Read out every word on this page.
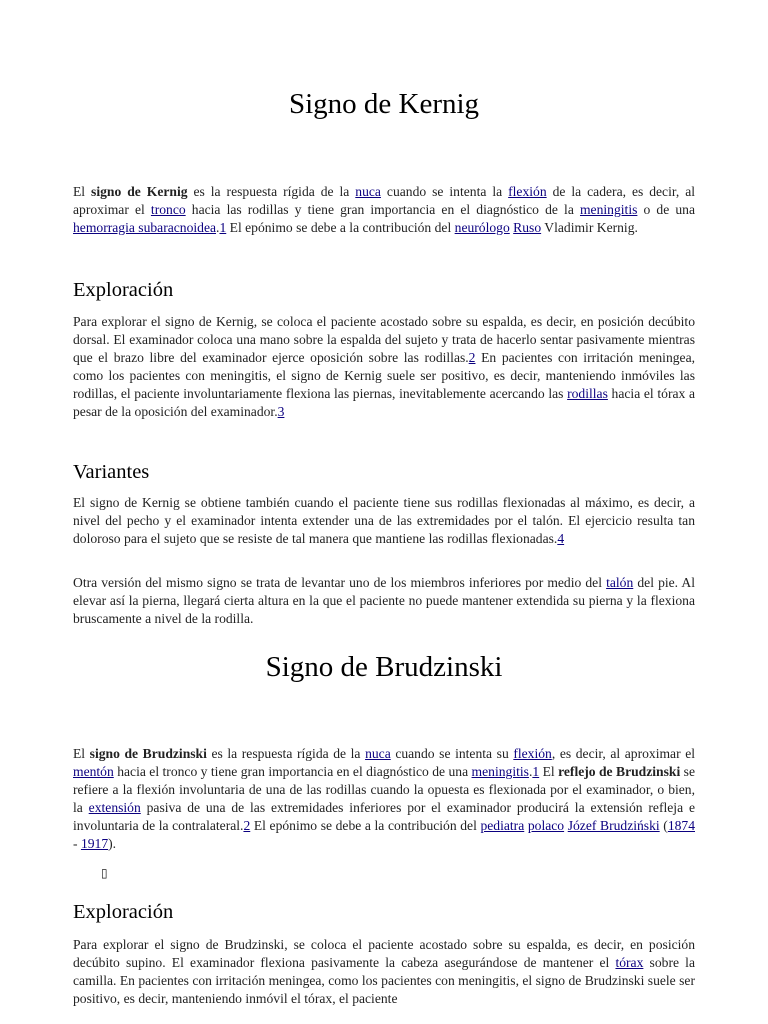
Signo de Kernig

El signo de Kernig es la respuesta rígida de la nuca cuando se intenta la flexión de la cadera, es decir, al aproximar el tronco hacia las rodillas y tiene gran importancia en el diagnóstico de la meningitis o de una hemorragia subaracnoidea.1 El epónimo se debe a la contribución del neurólogo Ruso Vladimir Kernig.

Exploración

Para explorar el signo de Kernig, se coloca el paciente acostado sobre su espalda, es decir, en posición decúbito dorsal. El examinador coloca una mano sobre la espalda del sujeto y trata de hacerlo sentar pasivamente mientras que el brazo libre del examinador ejerce oposición sobre las rodillas.2 En pacientes con irritación meningea, como los pacientes con meningitis, el signo de Kernig suele ser positivo, es decir, manteniendo inmóviles las rodillas, el paciente involuntariamente flexiona las piernas, inevitablemente acercando las rodillas hacia el tórax a pesar de la oposición del examinador.3

Variantes

El signo de Kernig se obtiene también cuando el paciente tiene sus rodillas flexionadas al máximo, es decir, a nivel del pecho y el examinador intenta extender una de las extremidades por el talón. El ejercicio resulta tan doloroso para el sujeto que se resiste de tal manera que mantiene las rodillas flexionadas.4

Otra versión del mismo signo se trata de levantar uno de los miembros inferiores por medio del talón del pie. Al elevar así la pierna, llegará cierta altura en la que el paciente no puede mantener extendida su pierna y la flexiona bruscamente a nivel de la rodilla.

Signo de Brudzinski

El signo de Brudzinski es la respuesta rígida de la nuca cuando se intenta su flexión, es decir, al aproximar el mentón hacia el tronco y tiene gran importancia en el diagnóstico de una meningitis.1 El reflejo de Brudzinski se refiere a la flexión involuntaria de una de las rodillas cuando la opuesta es flexionada por el examinador, o bien, la extensión pasiva de una de las extremidades inferiores por el examinador producirá la extensión refleja e involuntaria de la contralateral.2 El epónimo se debe a la contribución del pediatra polaco Józef Brudziński (1874 - 1917).

▯
Exploración

Para explorar el signo de Brudzinski, se coloca el paciente acostado sobre su espalda, es decir, en posición decúbito supino. El examinador flexiona pasivamente la cabeza asegurándose de mantener el tórax sobre la camilla. En pacientes con irritación meningea, como los pacientes con meningitis, el signo de Brudzinski suele ser positivo, es decir, manteniendo inmóvil el tórax, el paciente
